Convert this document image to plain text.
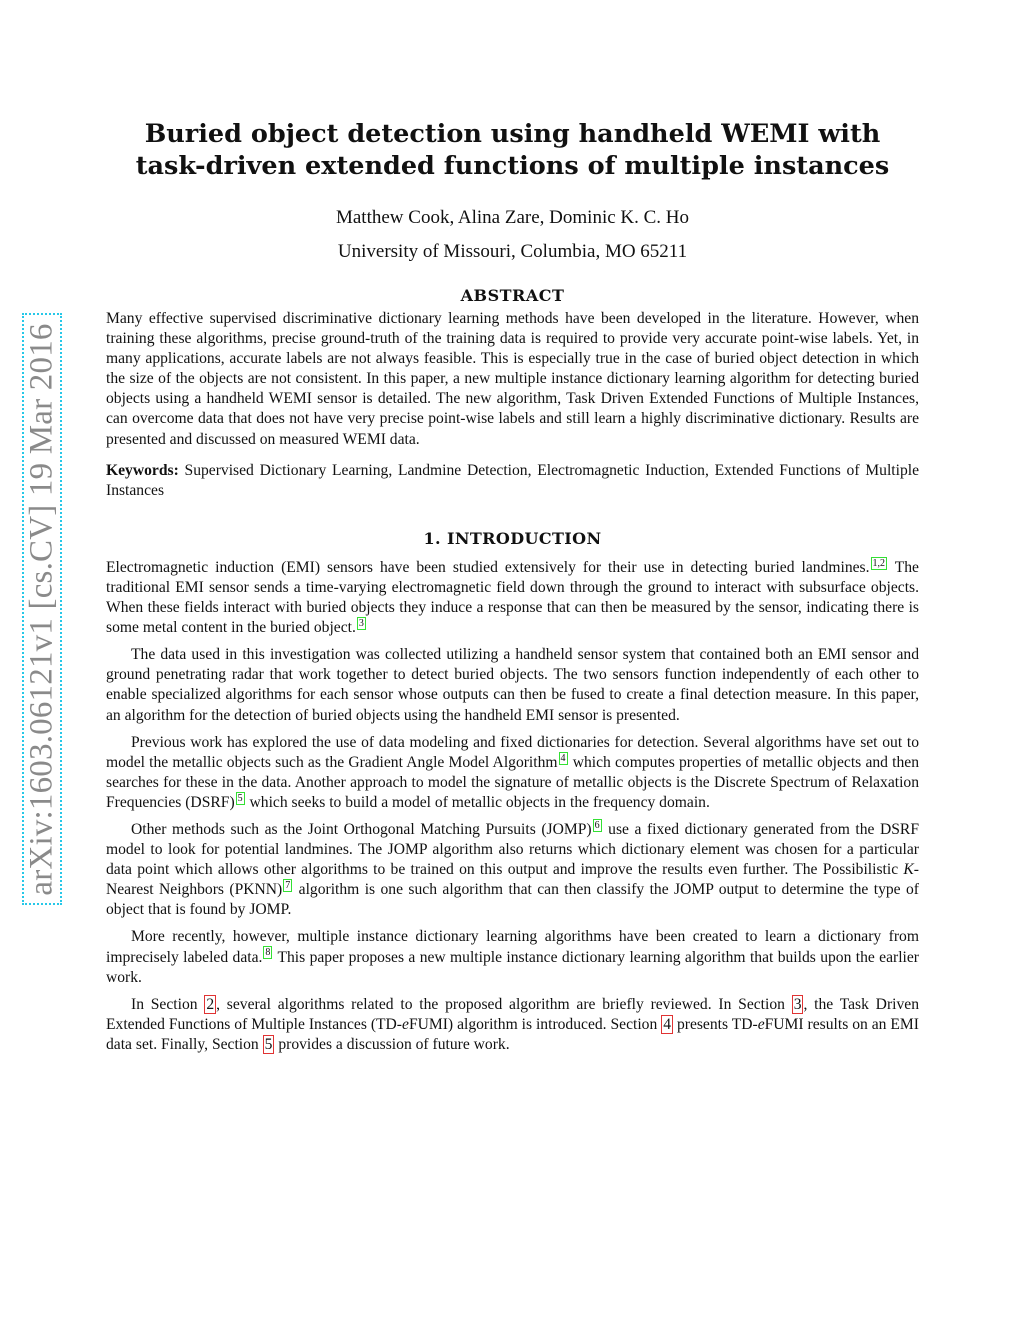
arXiv:1603.06121v1 [cs.CV] 19 Mar 2016
Buried object detection using handheld WEMI with
task-driven extended functions of multiple instances
Matthew Cook, Alina Zare, Dominic K. C. Ho
University of Missouri, Columbia, MO 65211
ABSTRACT

Many effective supervised discriminative dictionary learning methods have been developed in the literature. However, when training these algorithms, precise ground-truth of the training data is required to provide very accurate point-wise labels. Yet, in many applications, accurate labels are not always feasible. This is especially true in the case of buried object detection in which the size of the objects are not consistent. In this paper, a new multiple instance dictionary learning algorithm for detecting buried objects using a handheld WEMI sensor is detailed. The new algorithm, Task Driven Extended Functions of Multiple Instances, can overcome data that does not have very precise point-wise labels and still learn a highly discriminative dictionary. Results are presented and discussed on measured WEMI data.

Keywords: Supervised Dictionary Learning, Landmine Detection, Electromagnetic Induction, Extended Functions of Multiple Instances

1. INTRODUCTION

Electromagnetic induction (EMI) sensors have been studied extensively for their use in detecting buried landmines. $^{1,2}$ The traditional EMI sensor sends a time-varying electromagnetic field down through the ground to interact with subsurface objects. When these fields interact with buried objects they induce a response that can then be measured by the sensor, indicating there is some metal content in the buried object. $^3$

The data used in this investigation was collected utilizing a handheld sensor system that contained both an EMI sensor and ground penetrating radar that work together to detect buried objects. The two sensors function independently of each other to enable specialized algorithms for each sensor whose outputs can then be fused to create a final detection measure. In this paper, an algorithm for the detection of buried objects using the handheld EMI sensor is presented.

Previous work has explored the use of data modeling and fixed dictionaries for detection. Several algorithms have set out to model the metallic objects such as the Gradient Angle Model Algorithm $^4$ which computes properties of metallic objects and then searches for these in the data. Another approach to model the signature of metallic objects is the Discrete Spectrum of Relaxation Frequencies (DSRF) $^5$ which seeks to build a model of metallic objects in the frequency domain.

Other methods such as the Joint Orthogonal Matching Pursuits (JOMP) $^6$ use a fixed dictionary generated from the DSRF model to look for potential landmines. The JOMP algorithm also returns which dictionary element was chosen for a particular data point which allows other algorithms to be trained on this output and improve the results even further. The Possibilistic K-Nearest Neighbors (PKNN) $^7$ algorithm is one such algorithm that can then classify the JOMP output to determine the type of object that is found by JOMP.

More recently, however, multiple instance dictionary learning algorithms have been created to learn a dictionary from imprecisely labeled data. $^8$ This paper proposes a new multiple instance dictionary learning algorithm that builds upon the earlier work.

In Section 2 , several algorithms related to the proposed algorithm are briefly reviewed. In Section 3 , the Task Driven Extended Functions of Multiple Instances (TD-eFUMI) algorithm is introduced. Section 4 presents TD-eFUMI results on an EMI data set. Finally, Section 5 provides a discussion of future work.
